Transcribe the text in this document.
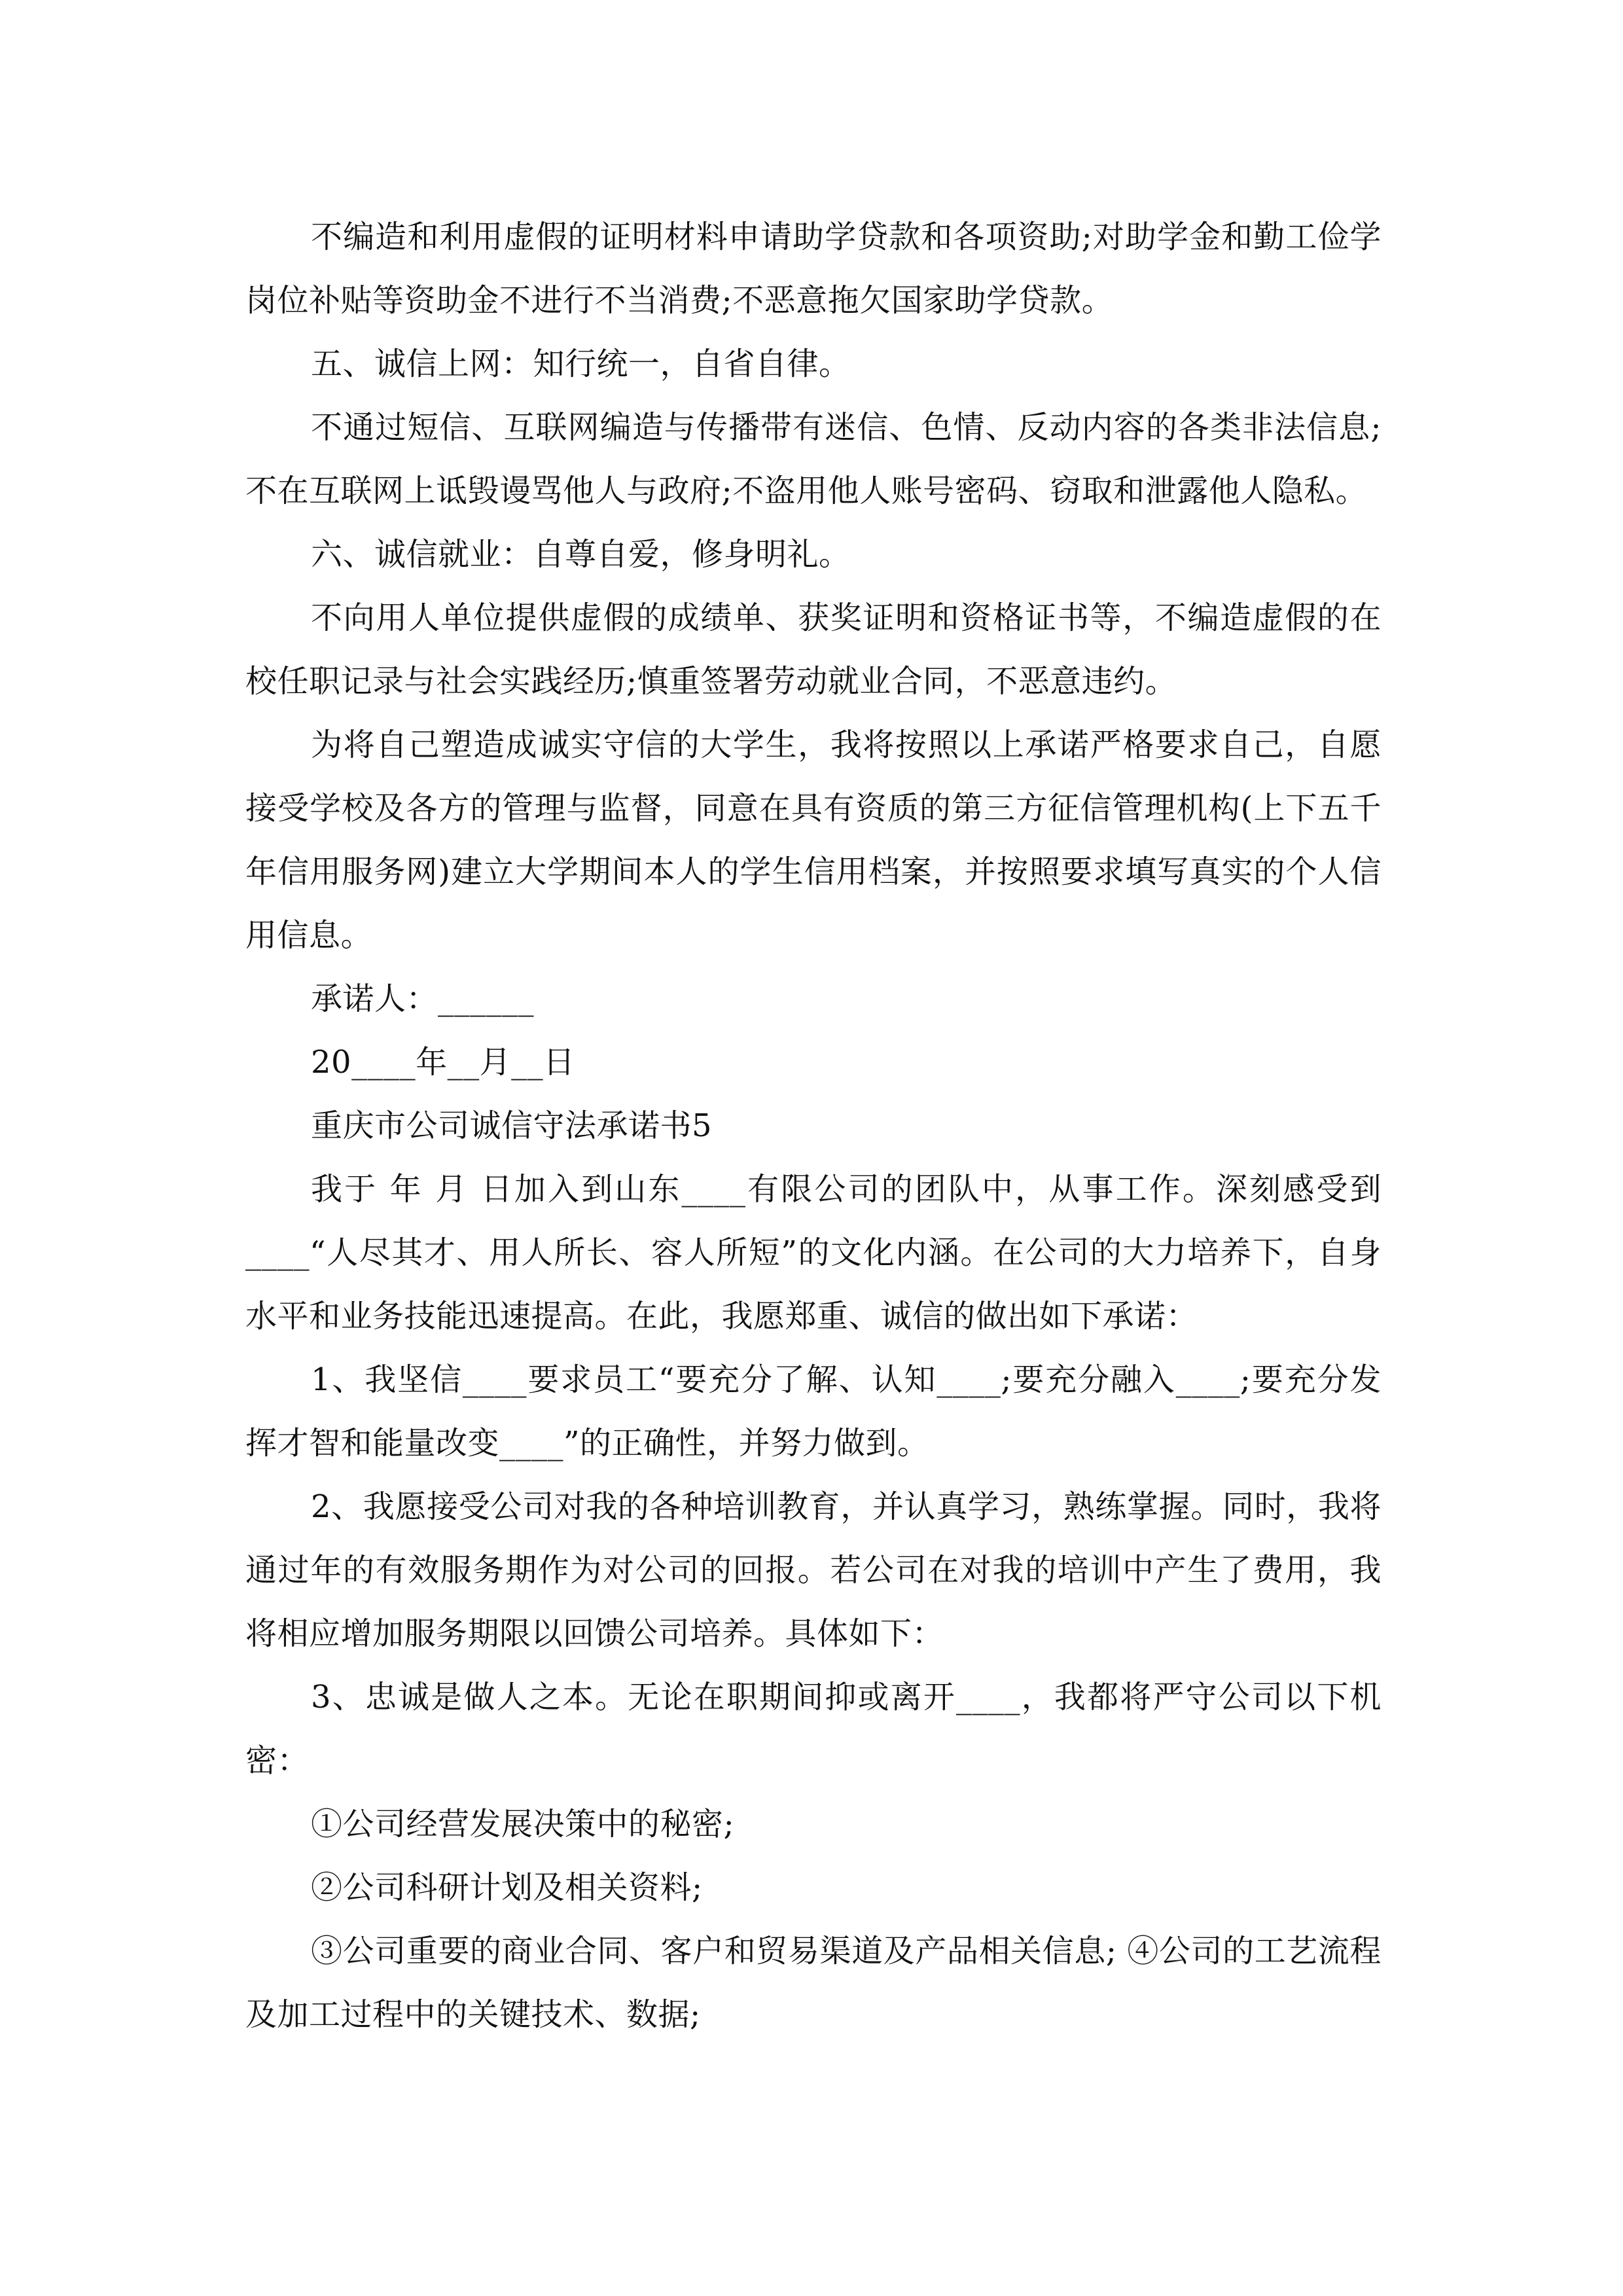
不编造和利用虚假的证明材料申请助学贷款和各项资助;对助学金和勤工俭学岗位补贴等资助金不进行不当消费;不恶意拖欠国家助学贷款。

五、诚信上网：知行统一，自省自律。

不通过短信、互联网编造与传播带有迷信、色情、反动内容的各类非法信息;不在互联网上诋毁谩骂他人与政府;不盗用他人账号密码、窃取和泄露他人隐私。

六、诚信就业：自尊自爱，修身明礼。

不向用人单位提供虚假的成绩单、获奖证明和资格证书等，不编造虚假的在校任职记录与社会实践经历;慎重签署劳动就业合同，不恶意违约。

为将自己塑造成诚实守信的大学生，我将按照以上承诺严格要求自己，自愿接受学校及各方的管理与监督，同意在具有资质的第三方征信管理机构(上下五千年信用服务网)建立大学期间本人的学生信用档案，并按照要求填写真实的个人信用信息。

承诺人：______

20____年__月__日

重庆市公司诚信守法承诺书5

我于 年 月 日加入到山东____有限公司的团队中，从事工作。深刻感受到____“人尽其才、用人所长、容人所短”的文化内涵。在公司的大力培养下，自身水平和业务技能迅速提高。在此，我愿郑重、诚信的做出如下承诺：

1、我坚信____要求员工“要充分了解、认知____;要充分融入____;要充分发挥才智和能量改变____”的正确性，并努力做到。

2、我愿接受公司对我的各种培训教育，并认真学习，熟练掌握。同时，我将通过年的有效服务期作为对公司的回报。若公司在对我的培训中产生了费用，我将相应增加服务期限以回馈公司培养。具体如下：

3、忠诚是做人之本。无论在职期间抑或离开____，我都将严守公司以下机密：

①公司经营发展决策中的秘密;

②公司科研计划及相关资料;

③公司重要的商业合同、客户和贸易渠道及产品相关信息; ④公司的工艺流程及加工过程中的关键技术、数据;
